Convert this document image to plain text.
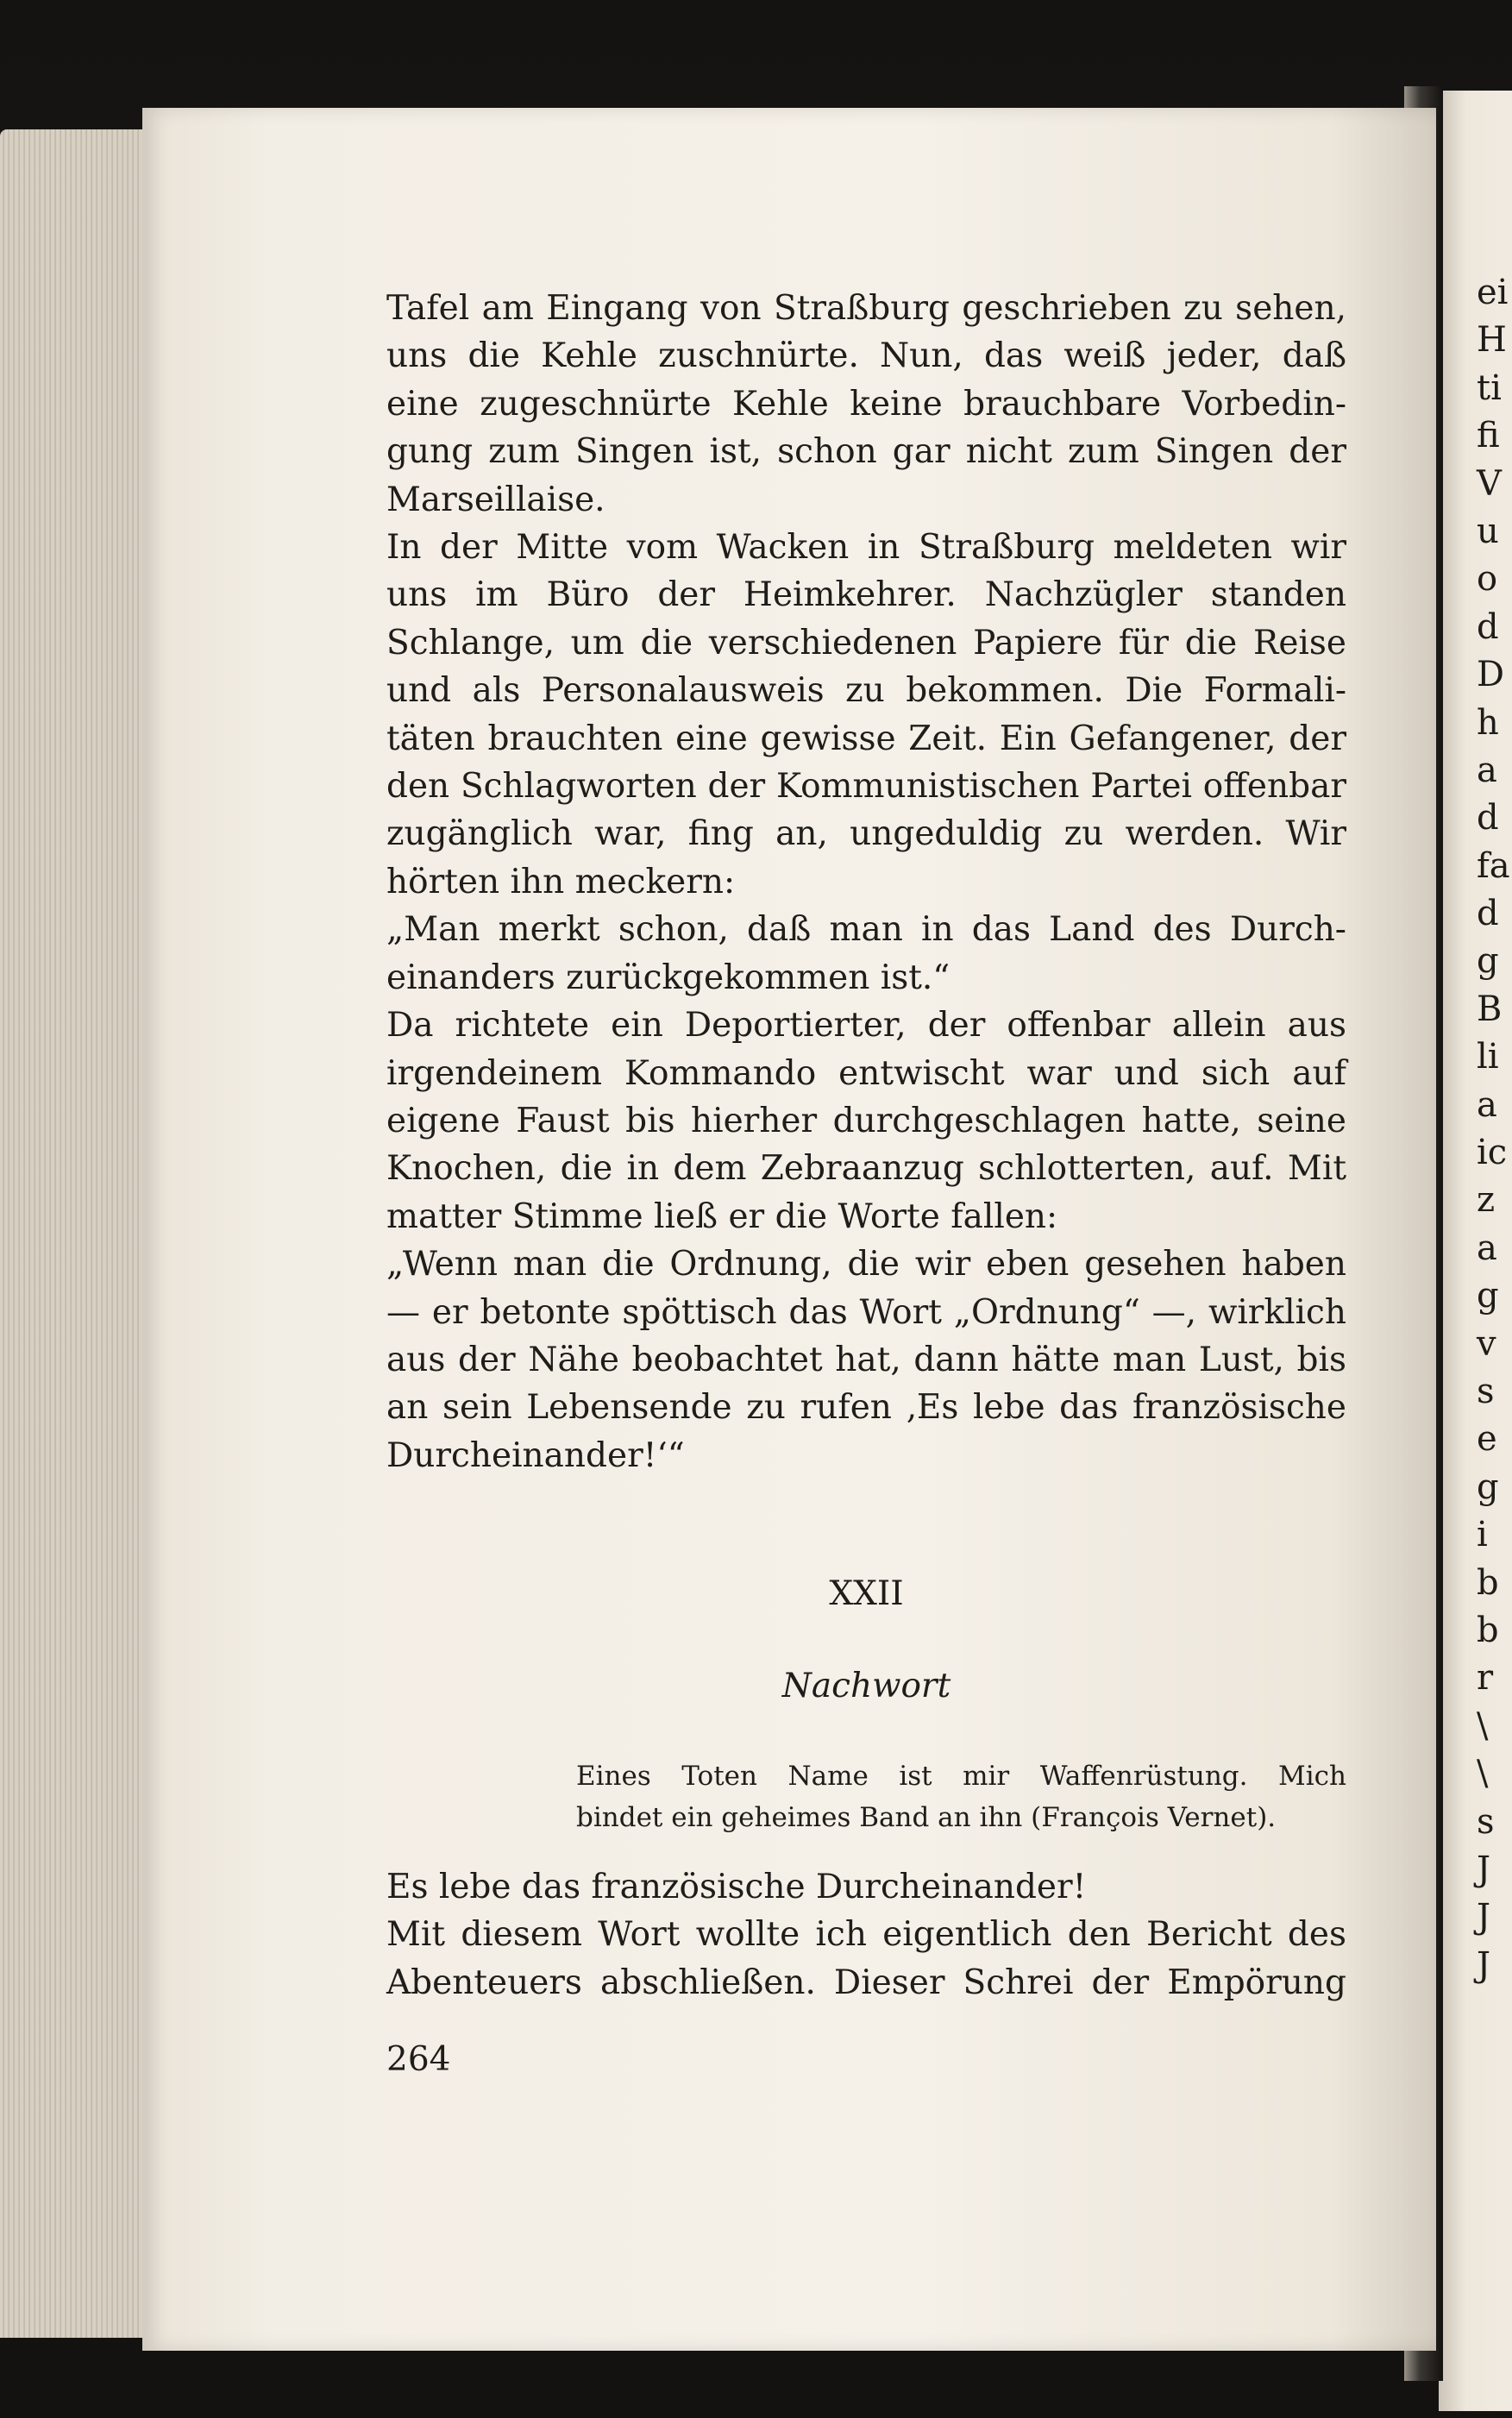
ei
H
ti
fi
V
u
o
d
D
h
a
d
fa
d
g
B
li
a
ic
z
a
g
v
s
e
g
i
b
b
r
\
\
s
J
J
J
Tafel am Eingang von Straßburg geschrieben zu sehen,
uns die Kehle zuschnürte. Nun, das weiß jeder, daß
eine zugeschnürte Kehle keine brauchbare Vorbedin-
gung zum Singen ist, schon gar nicht zum Singen der
Marseillaise.
In der Mitte vom Wacken in Straßburg meldeten wir
uns im Büro der Heimkehrer. Nachzügler standen
Schlange, um die verschiedenen Papiere für die Reise
und als Personalausweis zu bekommen. Die Formali-
täten brauchten eine gewisse Zeit. Ein Gefangener, der
den Schlagworten der Kommunistischen Partei offenbar
zugänglich war, fing an, ungeduldig zu werden. Wir
hörten ihn meckern:
„Man merkt schon, daß man in das Land des Durch-
einanders zurückgekommen ist.“
Da richtete ein Deportierter, der offenbar allein aus
irgendeinem Kommando entwischt war und sich auf
eigene Faust bis hierher durchgeschlagen hatte, seine
Knochen, die in dem Zebraanzug schlotterten, auf. Mit
matter Stimme ließ er die Worte fallen:
„Wenn man die Ordnung, die wir eben gesehen haben
— er betonte spöttisch das Wort „Ordnung“ —, wirklich
aus der Nähe beobachtet hat, dann hätte man Lust, bis
an sein Lebensende zu rufen ‚Es lebe das französische
Durcheinander!‘“
XXII
Nachwort
Eines Toten Name ist mir Waffenrüstung. Mich
bindet ein geheimes Band an ihn (François Vernet).
Es lebe das französische Durcheinander!
Mit diesem Wort wollte ich eigentlich den Bericht des
Abenteuers abschließen. Dieser Schrei der Empörung
264
